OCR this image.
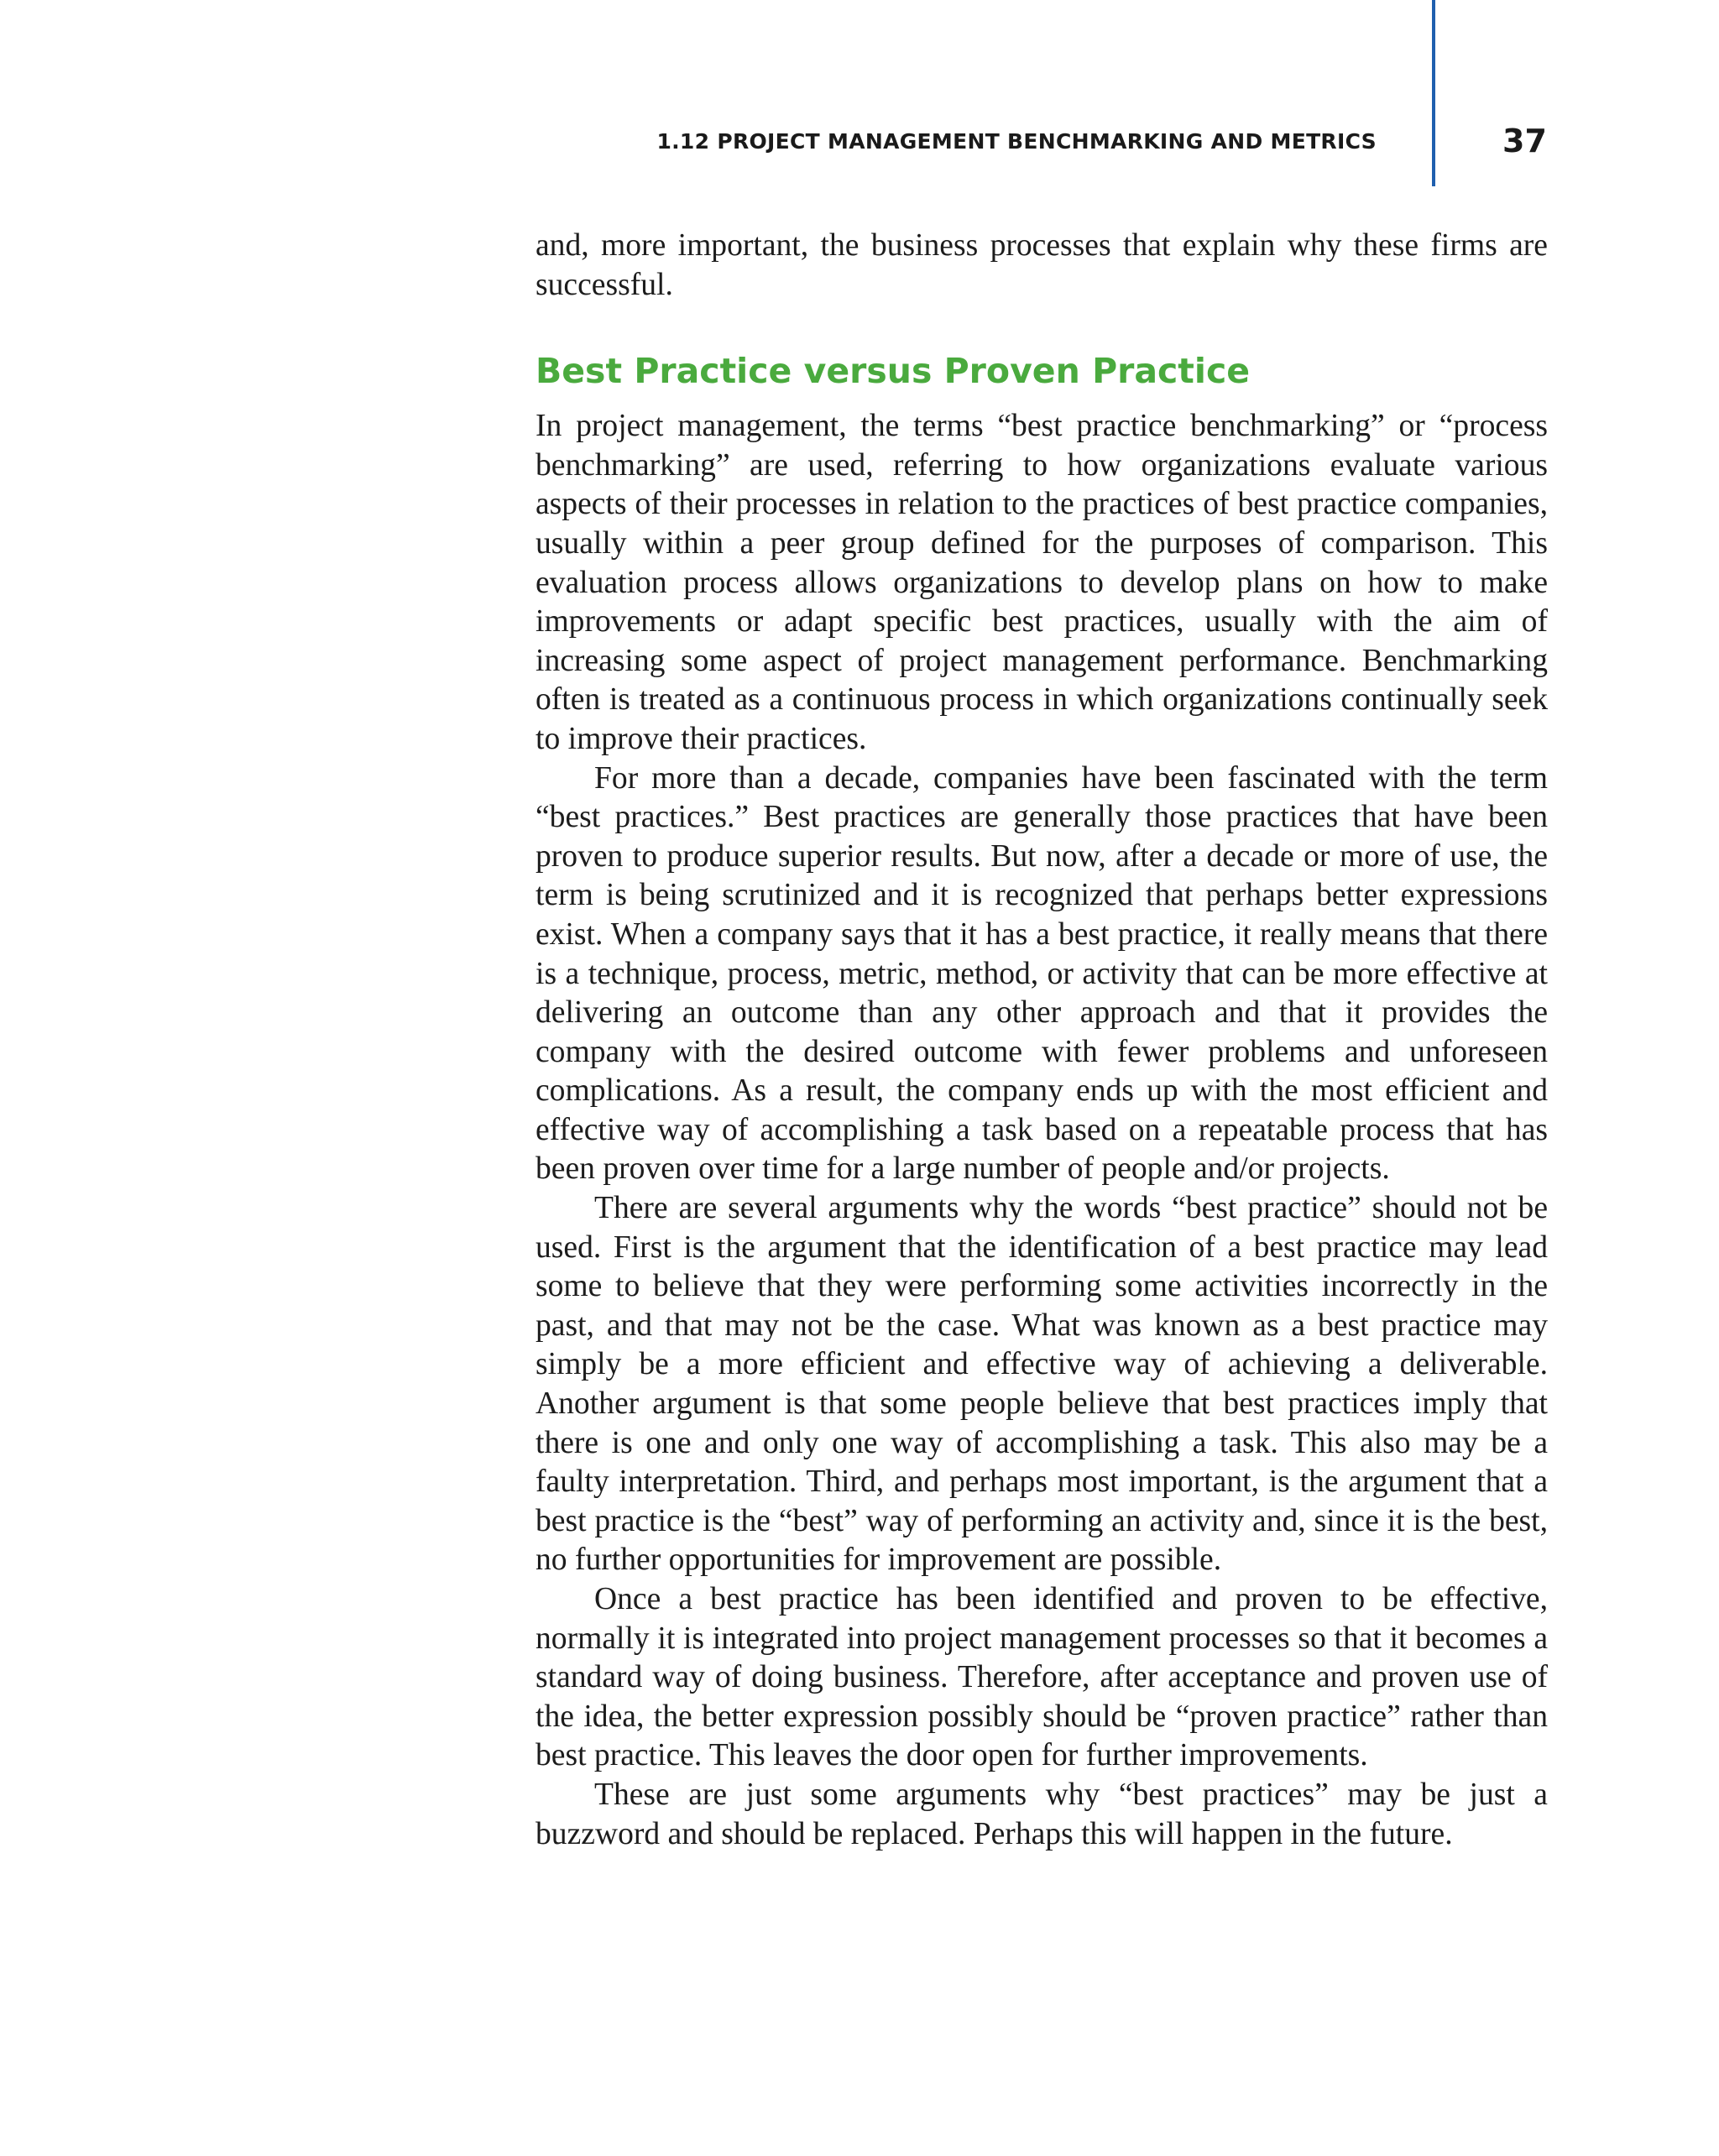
1.12 PROJECT MANAGEMENT BENCHMARKING AND METRICS	37

and, more important, the business processes that explain why these firms are successful.

Best Practice versus Proven Practice

In project management, the terms “best practice benchmarking” or “process benchmarking” are used, referring to how organizations evaluate various aspects of their processes in relation to the practices of best practice companies, usually within a peer group defined for the purposes of comparison. This evaluation process allows organizations to develop plans on how to make improvements or adapt specific best practices, usually with the aim of increasing some aspect of project management performance. Benchmarking often is treated as a continuous process in which organizations continually seek to improve their practices.

For more than a decade, companies have been fascinated with the term “best practices.” Best practices are generally those practices that have been proven to produce superior results. But now, after a decade or more of use, the term is being scrutinized and it is recognized that perhaps better expressions exist. When a company says that it has a best practice, it really means that there is a technique, process, metric, method, or activity that can be more effective at delivering an outcome than any other approach and that it provides the company with the desired outcome with fewer problems and unforeseen complications. As a result, the company ends up with the most efficient and effective way of accomplishing a task based on a repeatable process that has been proven over time for a large number of people and/or projects.

There are several arguments why the words “best practice” should not be used. First is the argument that the identification of a best practice may lead some to believe that they were performing some activities incorrectly in the past, and that may not be the case. What was known as a best practice may simply be a more efficient and effective way of achieving a deliverable. Another argument is that some people believe that best practices imply that there is one and only one way of accomplishing a task. This also may be a faulty interpretation. Third, and perhaps most important, is the argument that a best practice is the “best” way of performing an activity and, since it is the best, no further opportunities for improvement are possible.

Once a best practice has been identified and proven to be effective, normally it is integrated into project management processes so that it becomes a standard way of doing business. Therefore, after acceptance and proven use of the idea, the better expression possibly should be “proven practice” rather than best practice. This leaves the door open for further improvements.

These are just some arguments why “best practices” may be just a buzzword and should be replaced. Perhaps this will happen in the future.
